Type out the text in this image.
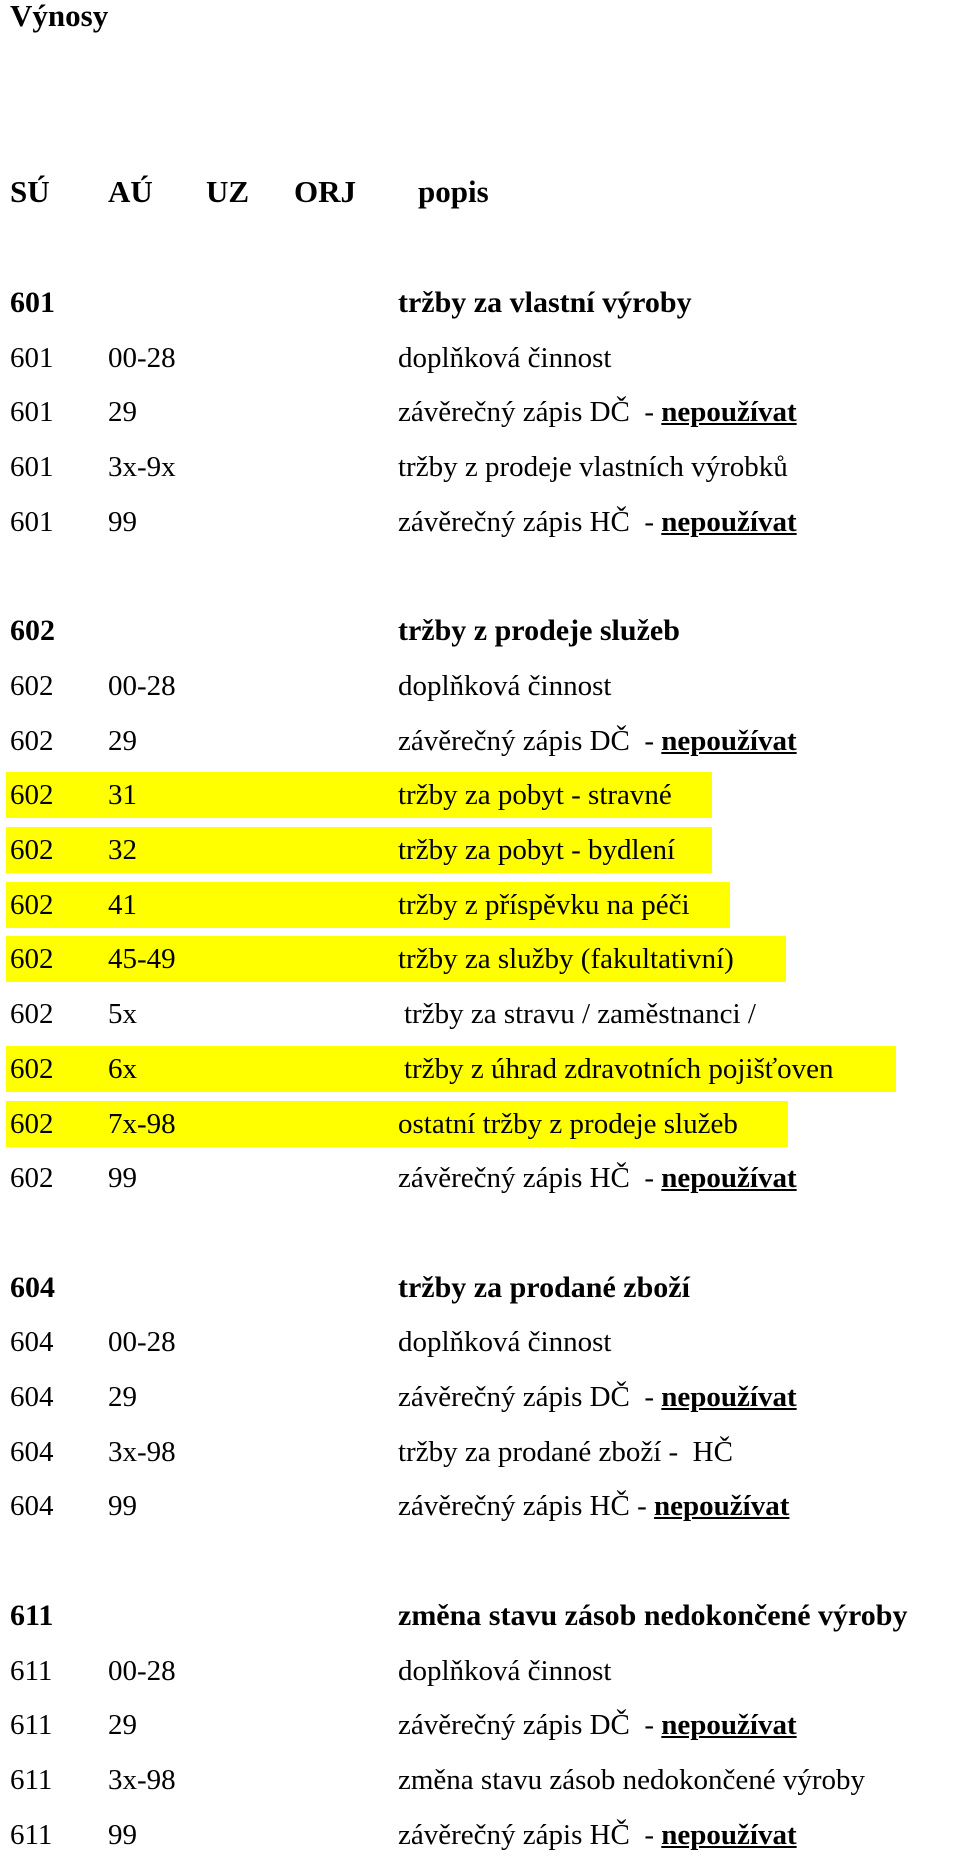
Výnosy
SÚ AÚ UZ ORJ popis
601	tržby za vlastní výroby
601 00-28	doplňková činnost
601 29	závěrečný zápis DČ  - nepoužívat
601 3x-9x	tržby z prodeje vlastních výrobků
601 99	závěrečný zápis HČ  - nepoužívat
602	tržby z prodeje služeb
602 00-28	doplňková činnost
602 29	závěrečný zápis DČ  - nepoužívat
602 31	tržby za pobyt - stravné
602 32	tržby za pobyt - bydlení
602 41	tržby z příspěvku na péči
602 45-49	tržby za služby (fakultativní)
602 5x	tržby za stravu / zaměstnanci /
602 6x	tržby z úhrad zdravotních pojišťoven
602 7x-98	ostatní tržby z prodeje služeb
602 99	závěrečný zápis HČ  - nepoužívat
604	tržby za prodané zboží
604 00-28	doplňková činnost
604 29	závěrečný zápis DČ  - nepoužívat
604 3x-98	tržby za prodané zboží -  HČ
604 99	závěrečný zápis HČ - nepoužívat
611	změna stavu zásob nedokončené výroby
611 00-28	doplňková činnost
611 29	závěrečný zápis DČ  - nepoužívat
611 3x-98	změna stavu zásob nedokončené výroby
611 99	závěrečný zápis HČ  - nepoužívat
